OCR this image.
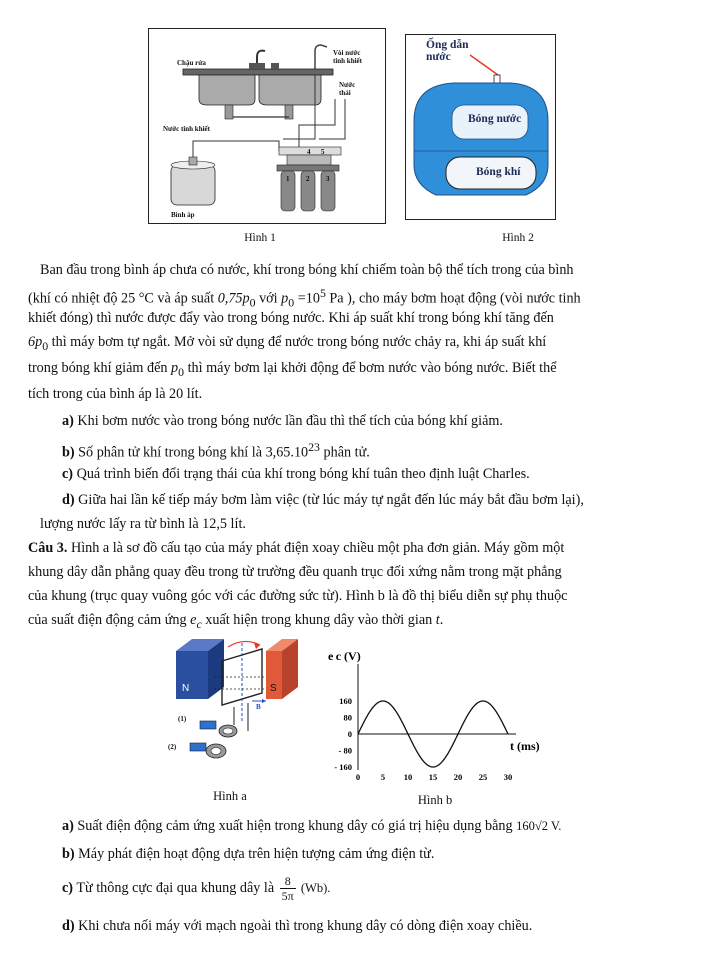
Chậu rửa
Vòi nước
tinh khiết
Nước
thải
Nước tinh khiết
Bình áp
1 2 3
4 5
Hình 1
Ống dẫn
nước
Bóng nước
Bóng khí
Hình 2
Ban đầu trong bình áp chưa có nước, khí trong bóng khí chiếm toàn bộ thể tích trong của bình
(khí có nhiệt độ 25 °C và áp suất $0,75p_0$ với $p_0 =10^5$ Pa ), cho máy bơm hoạt động (vòi nước tinh
khiết đóng) thì nước được đẩy vào trong bóng nước. Khi áp suất khí trong bóng khí tăng đến
$6p_0$ thì máy bơm tự ngắt. Mở vòi sử dụng để nước trong bóng nước chảy ra, khi áp suất khí
trong bóng khí giảm đến $p_0$ thì máy bơm lại khởi động để bơm nước vào bóng nước. Biết thể
tích trong của bình áp là 20 lít.
a) Khi bơm nước vào trong bóng nước lần đầu thì thể tích của bóng khí giảm.
b) Số phân tử khí trong bóng khí là 3,65.10$^{23}$ phân tử.
c) Quá trình biến đổi trạng thái của khí trong bóng khí tuân theo định luật Charles.
d) Giữa hai lần kế tiếp máy bơm làm việc (từ lúc máy tự ngắt đến lúc máy bắt đầu bơm lại),
lượng nước lấy ra từ bình là 12,5 lít.
Câu 3. Hình a là sơ đồ cấu tạo của máy phát điện xoay chiều một pha đơn giản. Máy gồm một
khung dây dẫn phẳng quay đều trong từ trường đều quanh trục đối xứng nằm trong mặt phẳng
của khung (trục quay vuông góc với các đường sức từ). Hình b là đồ thị biểu diễn sự phụ thuộc
của suất điện động cảm ứng $e_c$ xuất hiện trong khung dây vào thời gian t.
N	S
B
(1)
(2)
Hình a
160
80
0
- 80
- 160
0 5 10 15 20 25 30
e c (V)
t (ms)
Hình b
a) Suất điện động cảm ứng xuất hiện trong khung dây có giá trị hiệu dụng bằng 160√2 V.
b) Máy phát điện hoạt động dựa trên hiện tượng cảm ứng điện từ.
c) Từ thông cực đại qua khung dây là $\frac{8}{5\pi} (Wb)$.
d) Khi chưa nối máy với mạch ngoài thì trong khung dây có dòng điện xoay chiều.
